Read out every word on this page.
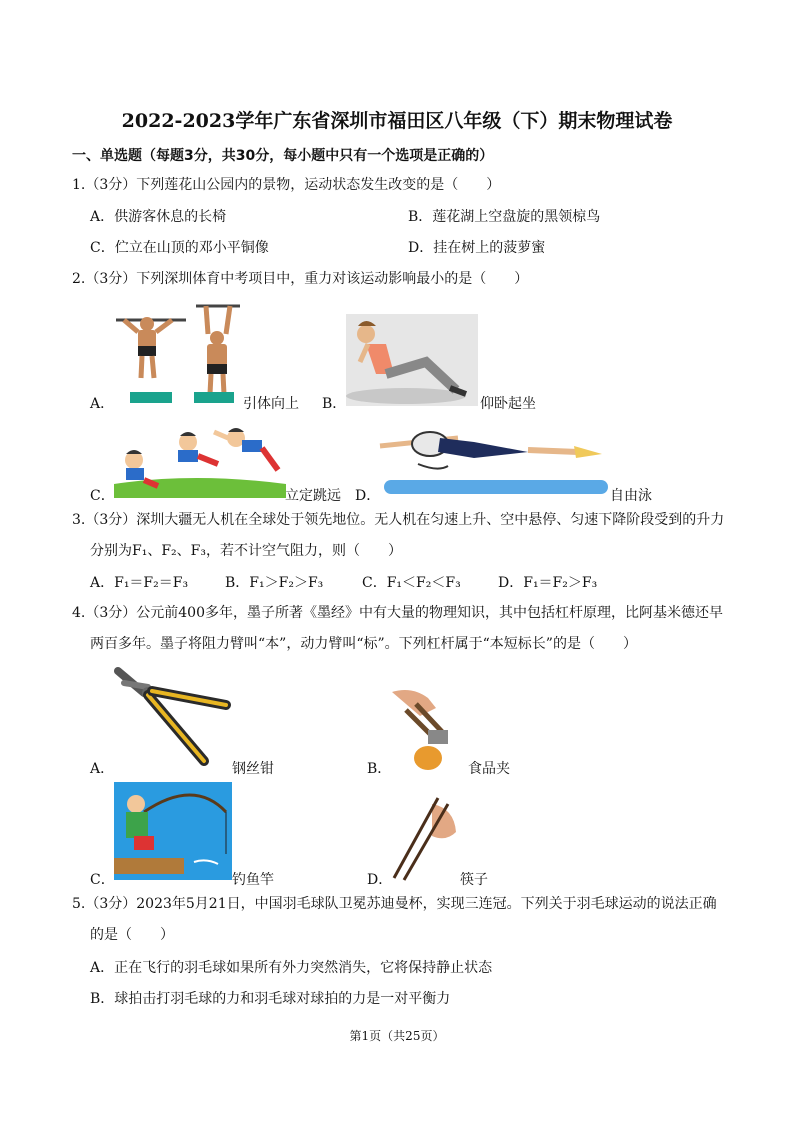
2022-2023学年广东省深圳市福田区八年级（下）期末物理试卷
一、单选题（每题3分，共30分，每小题中只有一个选项是正确的）
1.（3分）下列莲花山公园内的景物，运动状态发生改变的是（　　）
A．供游客休息的长椅	B．莲花湖上空盘旋的黑领椋鸟
C．伫立在山顶的邓小平铜像	D．挂在树上的菠萝蜜
2.（3分）下列深圳体育中考项目中，重力对该运动影响最小的是（　　）
A．	引体向上 B．	仰卧起坐
C．	立定跳远 D．	自由泳
3.（3分）深圳大疆无人机在全球处于领先地位。无人机在匀速上升、空中悬停、匀速下降阶段受到的升力
分别为F₁、F₂、F₃，若不计空气阻力，则（　　）
A．F₁＝F₂＝F₃	B．F₁＞F₂＞F₃	C．F₁＜F₂＜F₃	D．F₁＝F₂＞F₃
4.（3分）公元前400多年，墨子所著《墨经》中有大量的物理知识，其中包括杠杆原理，比阿基米德还早
两百多年。墨子将阻力臂叫“本”，动力臂叫“标”。下列杠杆属于“本短标长”的是（　　）
A．	钢丝钳	B．	食品夹
C．	钓鱼竿	D．	筷子
5.（3分）2023年5月21日，中国羽毛球队卫冕苏迪曼杯，实现三连冠。下列关于羽毛球运动的说法正确
的是（　　）
A．正在飞行的羽毛球如果所有外力突然消失，它将保持静止状态
B．球拍击打羽毛球的力和羽毛球对球拍的力是一对平衡力
第1页（共25页）
